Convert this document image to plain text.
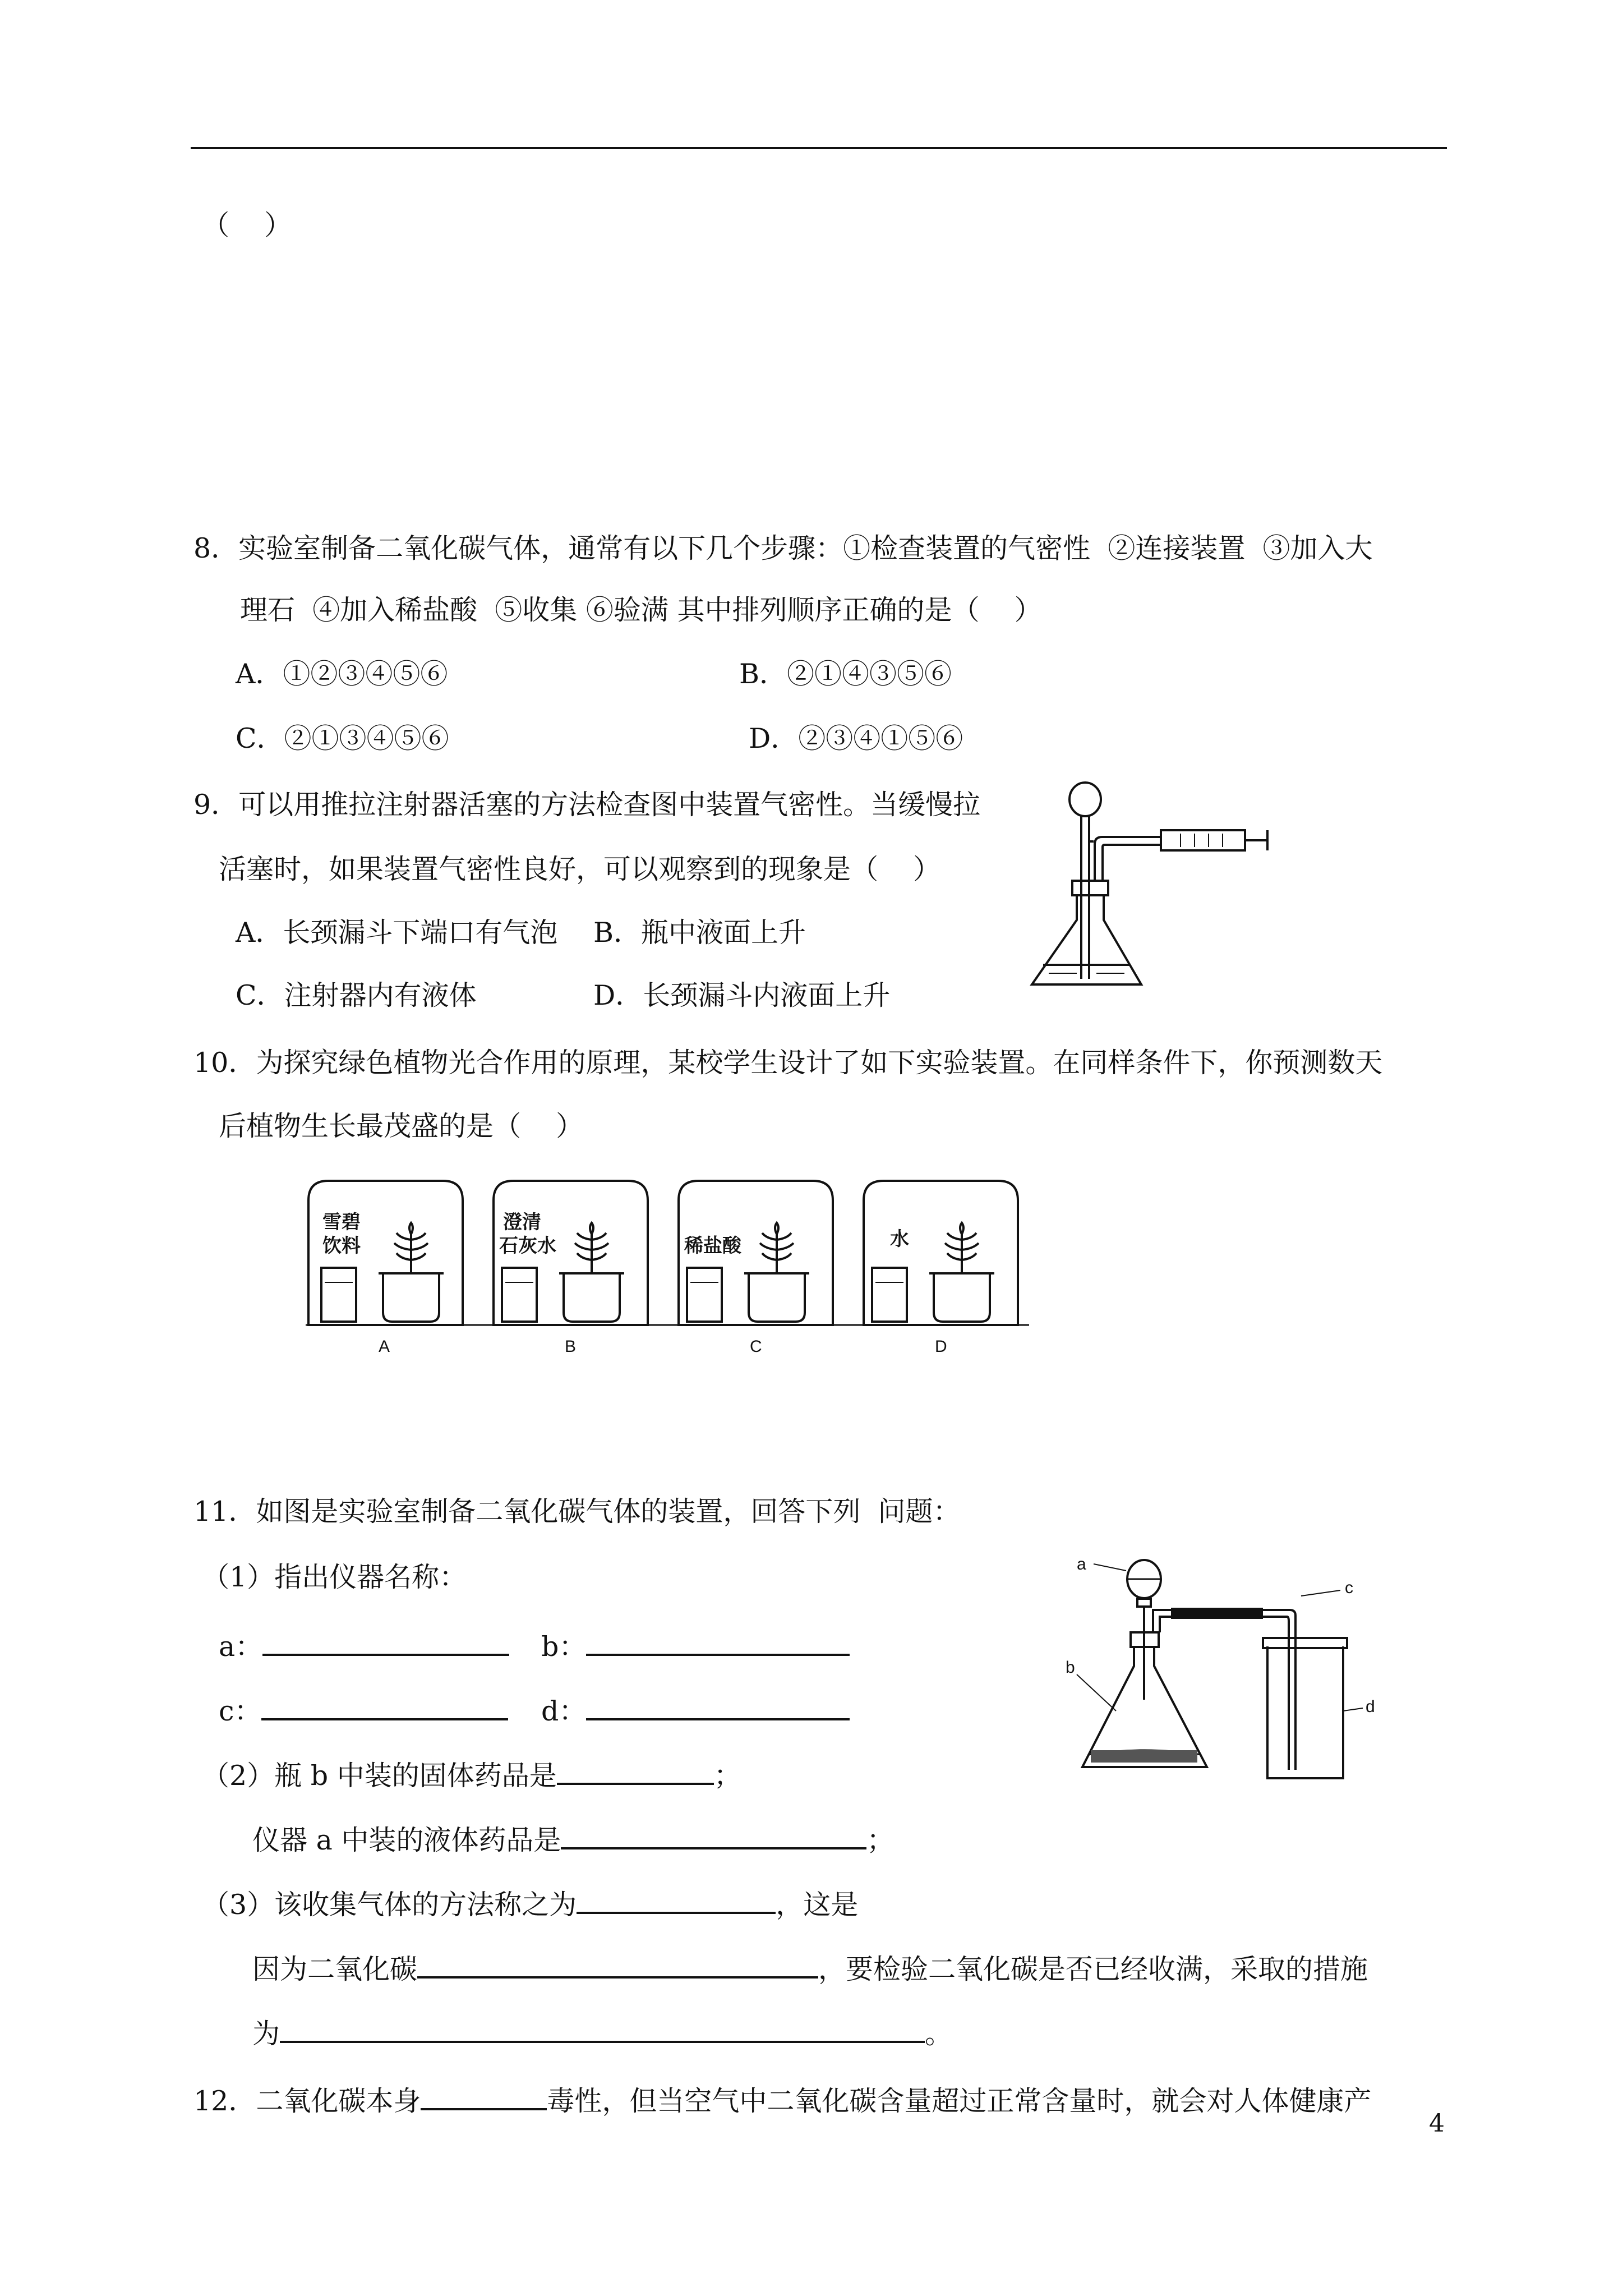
（    ）
8．实验室制备二氧化碳气体，通常有以下几个步骤：①检查装置的气密性  ②连接装置  ③加入大
理石  ④加入稀盐酸  ⑤收集 ⑥验满 其中排列顺序正确的是（    ）
A．①②③④⑤⑥	B．②①④③⑤⑥
C．②①③④⑤⑥	D．②③④①⑤⑥
9．可以用推拉注射器活塞的方法检查图中装置气密性。当缓慢拉
活塞时，如果装置气密性良好，可以观察到的现象是（    ）
A．长颈漏斗下端口有气泡 B．瓶中液面上升
C．注射器内有液体	D．长颈漏斗内液面上升
10．为探究绿色植物光合作用的原理，某校学生设计了如下实验装置。在同样条件下，你预测数天
后植物生长最茂盛的是（    ）
雪碧
饮料
澄清
石灰水	稀盐酸	水
A	B	C	D
11．如图是实验室制备二氧化碳气体的装置，回答下列  问题：
（1）指出仪器名称：
a：	b：
c：	d：
（2）瓶 b 中装的固体药品是	；
仪器 a 中装的液体药品是	；
（3）该收集气体的方法称之为	，这是
因为二氧化碳	，要检验二氧化碳是否已经收满，采取的措施
为	。
a
b
c
d
12．二氧化碳本身	毒性，但当空气中二氧化碳含量超过正常含量时，就会对人体健康产
4
